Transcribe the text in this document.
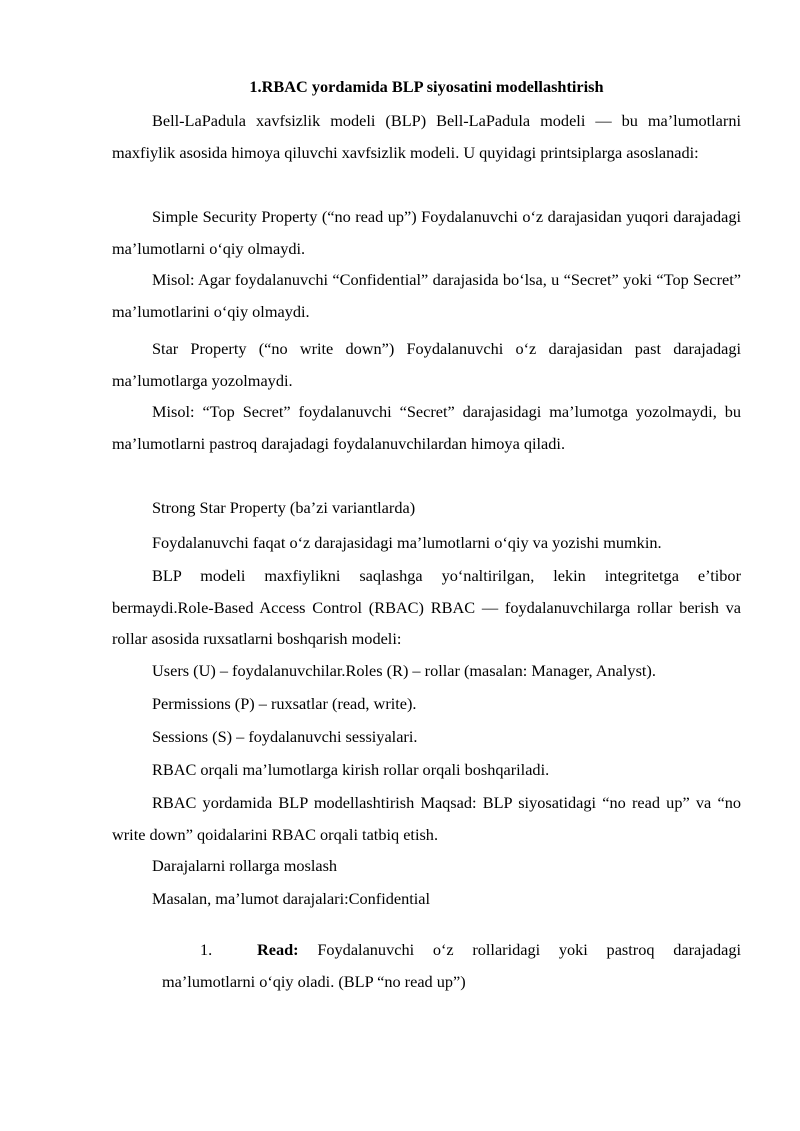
1.RBAC yordamida BLP siyosatini modellashtirish

Bell-LaPadula xavfsizlik modeli (BLP) Bell-LaPadula modeli — bu ma’lumotlarni maxfiylik asosida himoya qiluvchi xavfsizlik modeli. U quyidagi printsiplarga asoslanadi:

Simple Security Property (“no read up”) Foydalanuvchi o‘z darajasidan yuqori darajadagi ma’lumotlarni o‘qiy olmaydi.

Misol: Agar foydalanuvchi “Confidential” darajasida bo‘lsa, u “Secret” yoki “Top Secret” ma’lumotlarini o‘qiy olmaydi.

Star Property (“no write down”) Foydalanuvchi o‘z darajasidan past darajadagi ma’lumotlarga yozolmaydi.

Misol: “Top Secret” foydalanuvchi “Secret” darajasidagi ma’lumotga yozolmaydi, bu ma’lumotlarni pastroq darajadagi foydalanuvchilardan himoya qiladi.

Strong Star Property (ba’zi variantlarda)

Foydalanuvchi faqat o‘z darajasidagi ma’lumotlarni o‘qiy va yozishi mumkin.

BLP modeli maxfiylikni saqlashga yo‘naltirilgan, lekin integritetga e’tibor bermaydi.Role-Based Access Control (RBAC) RBAC — foydalanuvchilarga rollar berish va rollar asosida ruxsatlarni boshqarish modeli:

Users (U) – foydalanuvchilar.Roles (R) – rollar (masalan: Manager, Analyst).

Permissions (P) – ruxsatlar (read, write).

Sessions (S) – foydalanuvchi sessiyalari.

RBAC orqali ma’lumotlarga kirish rollar orqali boshqariladi.

RBAC yordamida BLP modellashtirish Maqsad: BLP siyosatidagi “no read up” va “no write down” qoidalarini RBAC orqali tatbiq etish.

Darajalarni rollarga moslash

Masalan, ma’lumot darajalari:Confidential

1.	Read: Foydalanuvchi o‘z rollaridagi yoki pastroq darajadagi ma’lumotlarni o‘qiy oladi. (BLP “no read up”)
